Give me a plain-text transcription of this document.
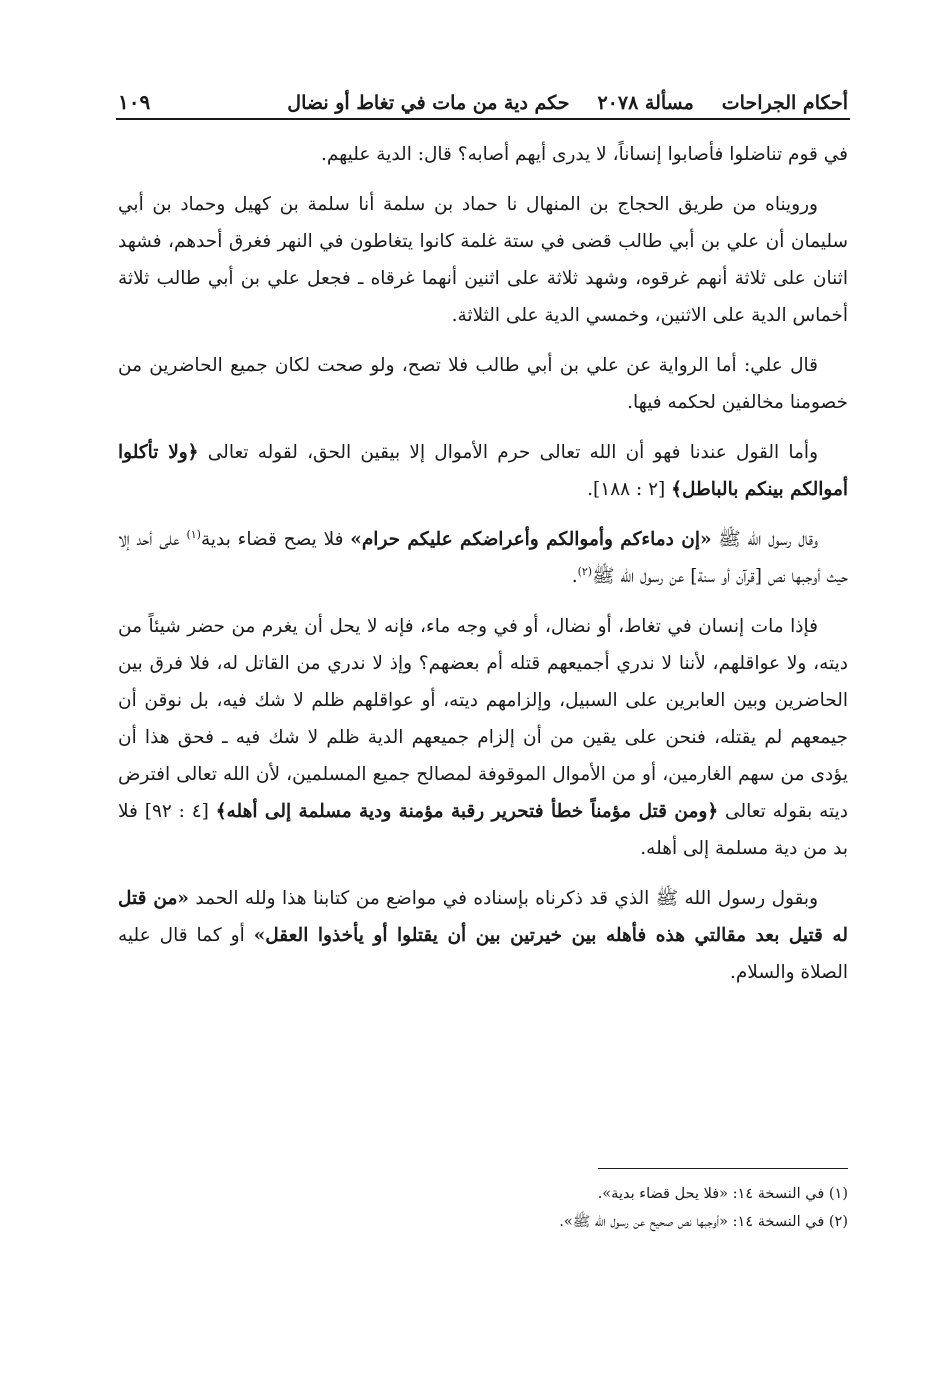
أحكام الجراحات
مسألة ٢٠٧٨
حكم دية من مات في تغاط أو نضال
١٠٩

في قوم تناضلوا فأصابوا إنساناً، لا يدرى أيهم أصابه؟ قال: الدية عليهم.

ورويناه من طريق الحجاج بن المنهال نا حماد بن سلمة أنا سلمة بن كهيل وحماد بن أبي سليمان أن علي بن أبي طالب قضى في ستة غلمة كانوا يتغاطون في النهر فغرق أحدهم، فشهد اثنان على ثلاثة أنهم غرقوه، وشهد ثلاثة على اثنين أنهما غرقاه ـ فجعل علي بن أبي طالب ثلاثة أخماس الدية على الاثنين، وخمسي الدية على الثلاثة.

قال علي: أما الرواية عن علي بن أبي طالب فلا تصح، ولو صحت لكان جميع الحاضرين من خصومنا مخالفين لحكمه فيها.

وأما القول عندنا فهو أن الله تعالى حرم الأموال إلا بيقين الحق، لقوله تعالى ﴿ولا تأكلوا أموالكم بينكم بالباطل﴾ [٢ : ١٨٨].

وقال رسول الله ﷺ «إن دماءكم وأموالكم وأعراضكم عليكم حرام» فلا يصح قضاء بدية$^{(١)}$ على أحد إلا حيث أوجبها نص [قرآن أو سنة] عن رسول الله ﷺ$^{(٢)}$.

فإذا مات إنسان في تغاط، أو نضال، أو في وجه ماء، فإنه لا يحل أن يغرم من حضر شيئاً من ديته، ولا عواقلهم، لأننا لا ندري أجميعهم قتله أم بعضهم؟ وإذ لا ندري من القاتل له، فلا فرق بين الحاضرين وبين العابرين على السبيل، وإلزامهم ديته، أو عواقلهم ظلم لا شك فيه، بل نوقن أن جيمعهم لم يقتله، فنحن على يقين من أن إلزام جميعهم الدية ظلم لا شك فيه ـ فحق هذا أن يؤدى من سهم الغارمين، أو من الأموال الموقوفة لمصالح جميع المسلمين، لأن الله تعالى افترض ديته بقوله تعالى ﴿ومن قتل مؤمناً خطأ فتحرير رقبة مؤمنة ودية مسلمة إلى أهله﴾ [٤ : ٩٢] فلا بد من دية مسلمة إلى أهله.

وبقول رسول الله ﷺ الذي قد ذكرناه بإسناده في مواضع من كتابنا هذا ولله الحمد «من قتل له قتيل بعد مقالتي هذه فأهله بين خيرتين بين أن يقتلوا أو يأخذوا العقل» أو كما قال عليه الصلاة والسلام.

(١) في النسخة ١٤: «فلا يحل قضاء بدية».

(٢) في النسخة ١٤: «أوجبها نص صحيح عن رسول الله ﷺ».
